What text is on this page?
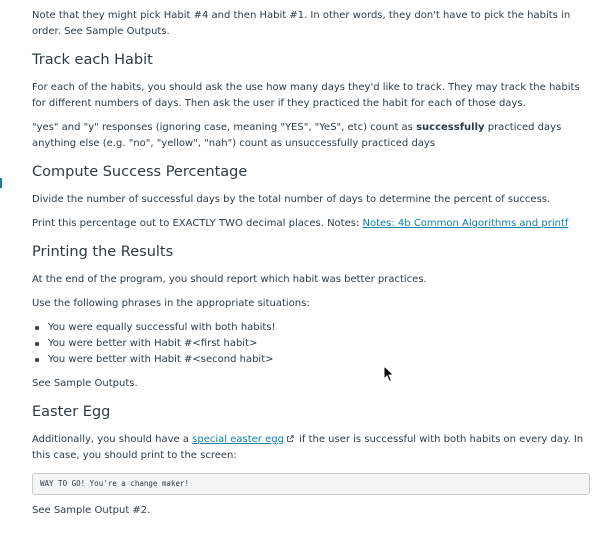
Note that they might pick Habit #4 and then Habit #1. In other words, they don't have to pick the habits in order. See Sample Outputs.

Track each Habit

For each of the habits, you should ask the use how many days they'd like to track. They may track the habits for different numbers of days. Then ask the user if they practiced the habit for each of those days.

"yes" and "y" responses (ignoring case, meaning "YES", "YeS", etc) count as successfully practiced days
anything else (e.g. "no", "yellow", "nah") count as unsuccessfully practiced days

Compute Success Percentage

Divide the number of successful days by the total number of days to determine the percent of success.

Print this percentage out to EXACTLY TWO decimal places. Notes: Notes: 4b Common Algorithms and printf

Printing the Results

At the end of the program, you should report which habit was better practices.

Use the following phrases in the appropriate situations:

You were equally successful with both habits!
You were better with Habit #<first habit>
You were better with Habit #<second habit>

See Sample Outputs.

Easter Egg

Additionally, you should have a special easter egg if the user is successful with both habits on every day. In this case, you should print to the screen:

WAY TO GO! You're a change maker!

See Sample Output #2.
